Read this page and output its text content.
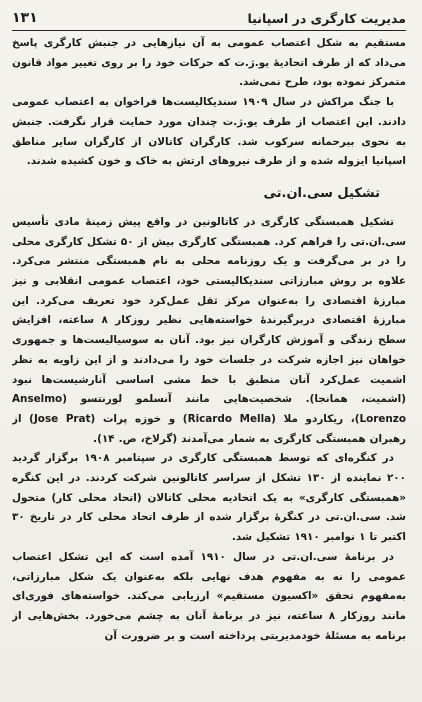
مدیریت کارگری در اسپانیا
۱۳۱

مستقیم به شکل اعتصاب عمومی به آن نیازهایی در جنبش کارگری پاسخ می‌داد که از طرف اتحادیهٔ یو.ژ.ت که حرکات خود را بر روی تغییر مواد قانون متمرکز نموده بود، طرح نمی‌شد.

با جنگ مراکش در سال ۱۹۰۹ سندیکالیست‌ها فراخوان به اعتصاب عمومی دادند. این اعتصاب از طرف یو.ژ.ت چندان مورد حمایت قرار نگرفت. جنبش به نحوی بیرحمانه سرکوب شد. کارگران کاتالان از کارگران سایر مناطق اسپانیا ایزوله شده و از طرف نیروهای ارتش به خاک و خون کشیده شدند.

تشکیل سی.ان.تی

تشکیل همبستگی کارگری در کاتالونین در واقع پیش زمینهٔ مادی تأسیس سی.ان.تی را فراهم کرد. همبستگی کارگری بیش از ۵۰ تشکل کارگری محلی را در بر می‌گرفت و یک روزنامه محلی به نام همبستگی منتشر می‌کرد. علاوه بر روش مبارزاتی سندیکالیستی خود، اعتصاب عمومی انقلابی و نیز مبارزهٔ اقتصادی را به‌عنوان مرکز ثقل عمل‌کرد خود تعریف می‌کرد. این مبارزهٔ اقتصادی دربرگیرندهٔ خواسته‌هایی نظیر روزکار ۸ ساعته، افزایش سطح زندگی و آموزش کارگران نیز بود. آنان به سوسیالیست‌ها و جمهوری خواهان نیز اجازه شرکت در جلسات خود را می‌دادند و از این زاویه به نظر اشمیت عمل‌کرد آنان منطبق با خط مشی اساسی آنارشیست‌ها نبود (اشمیت، همانجا). شخصیت‌هایی مانند آنسلمو لورنتسو (Anselmo Lorenzo)، ریکاردو ملا (Ricardo Mella) و خوزه پرات (Jose Prat) از رهبران همبستگی کارگری به شمار می‌آمدند (گرلاخ، ص. ۱۴).

در کنگره‌ای که توسط همبستگی کارگری در سپتامبر ۱۹۰۸ برگزار گردید ۲۰۰ نماینده از ۱۳۰ تشکل از سراسر کاتالونین شرکت کردند. در این کنگره «همبستگی کارگری» به یک اتحادیه محلی کاتالان (اتحاد محلی کار) متحول شد. سی.ان.تی در کنگرهٔ برگزار شده از طرف اتحاد محلی کار در تاریخ ۳۰ اکتبر تا ۱ نوامبر ۱۹۱۰ تشکیل شد.

در برنامهٔ سی.ان.تی در سال ۱۹۱۰ آمده است که این تشکل اعتصاب عمومی را نه به مفهوم هدف نهایی بلکه به‌عنوان یک شکل مبارزاتی، به‌مفهوم تحقق «اکسیون مستقیم» ارزیابی می‌کند. خواسته‌های فوری‌ای مانند روزکار ۸ ساعته، نیز در برنامهٔ آنان به چشم می‌خورد. بخش‌هایی از برنامه به مسئلهٔ خودمدیریتی پرداخته است و بر ضرورت آن
